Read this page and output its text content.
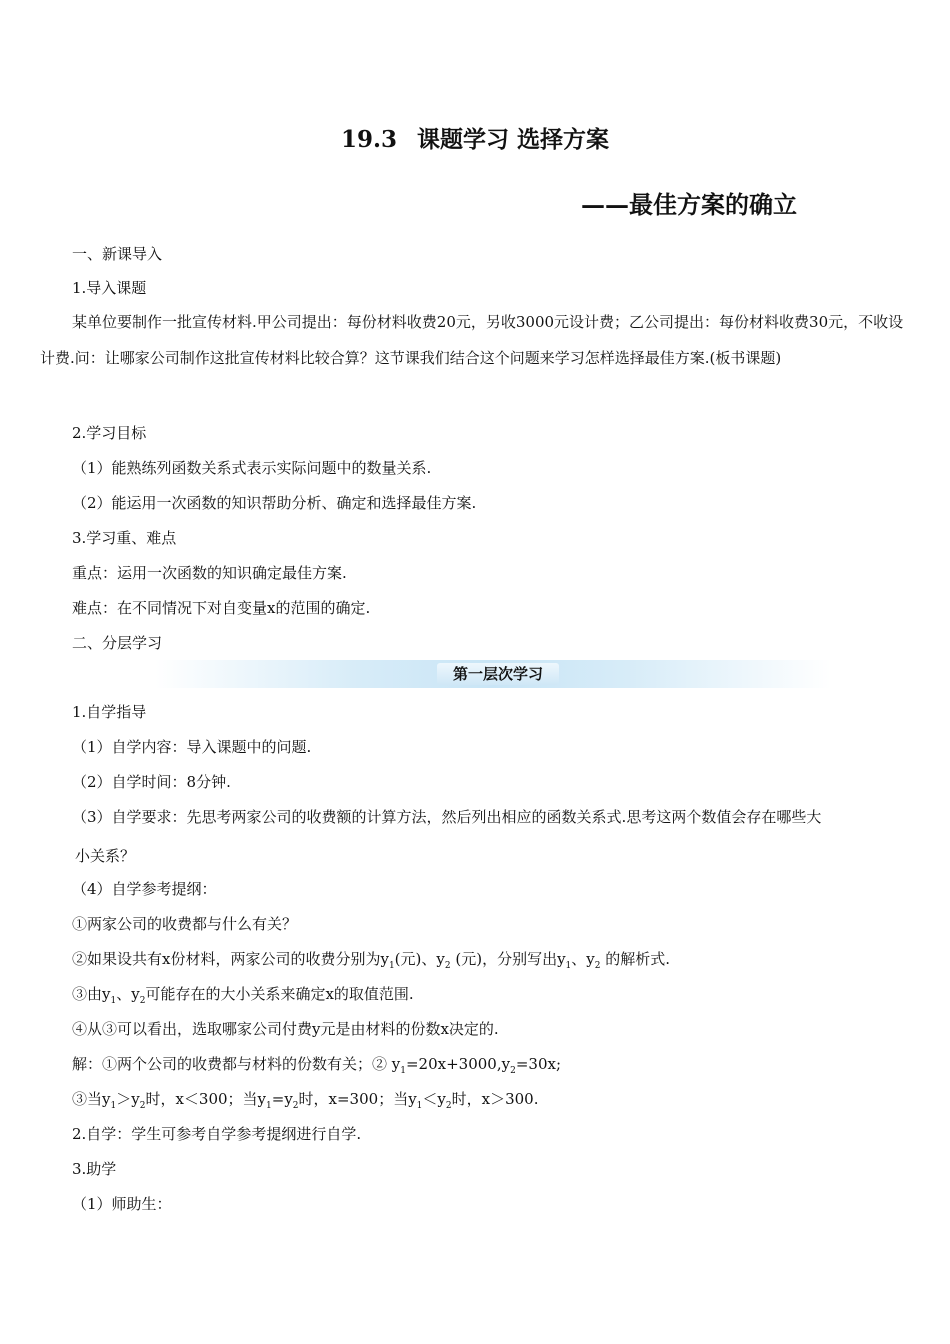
19.3 课题学习 选择方案
——最佳方案的确立
一、新课导入
1.导入课题
某单位要制作一批宣传材料.甲公司提出：每份材料收费20元，另收3000元设计费；乙公司提出：每份材料收费30元，不收设计费.问：让哪家公司制作这批宣传材料比较合算？这节课我们结合这个问题来学习怎样选择最佳方案.(板书课题)
2.学习目标
（1）能熟练列函数关系式表示实际问题中的数量关系.
（2）能运用一次函数的知识帮助分析、确定和选择最佳方案.
3.学习重、难点
重点：运用一次函数的知识确定最佳方案.
难点：在不同情况下对自变量x的范围的确定.
二、分层学习
第一层次学习
1.自学指导
（1）自学内容：导入课题中的问题.
（2）自学时间：8分钟.
（3）自学要求：先思考两家公司的收费额的计算方法，然后列出相应的函数关系式.思考这两个数值会存在哪些大
小关系？
（4）自学参考提纲：
①两家公司的收费都与什么有关？
②如果设共有x份材料，两家公司的收费分别为$y_1$(元)、$y_2$ (元)，分别写出$y_1$、$y_2$ 的解析式.
③由$y_1$、$y_2$可能存在的大小关系来确定x的取值范围.
④从③可以看出，选取哪家公司付费y元是由材料的份数x决定的.
解：①两个公司的收费都与材料的份数有关；② $y_1=20x+3000,y_2=30x$;
③当$y_1>y_2$时，x＜300；当$y_1=y_2$时，x=300；当$y_1<y_2$时，x＞300.
2.自学：学生可参考自学参考提纲进行自学.
3.助学
（1）师助生：
